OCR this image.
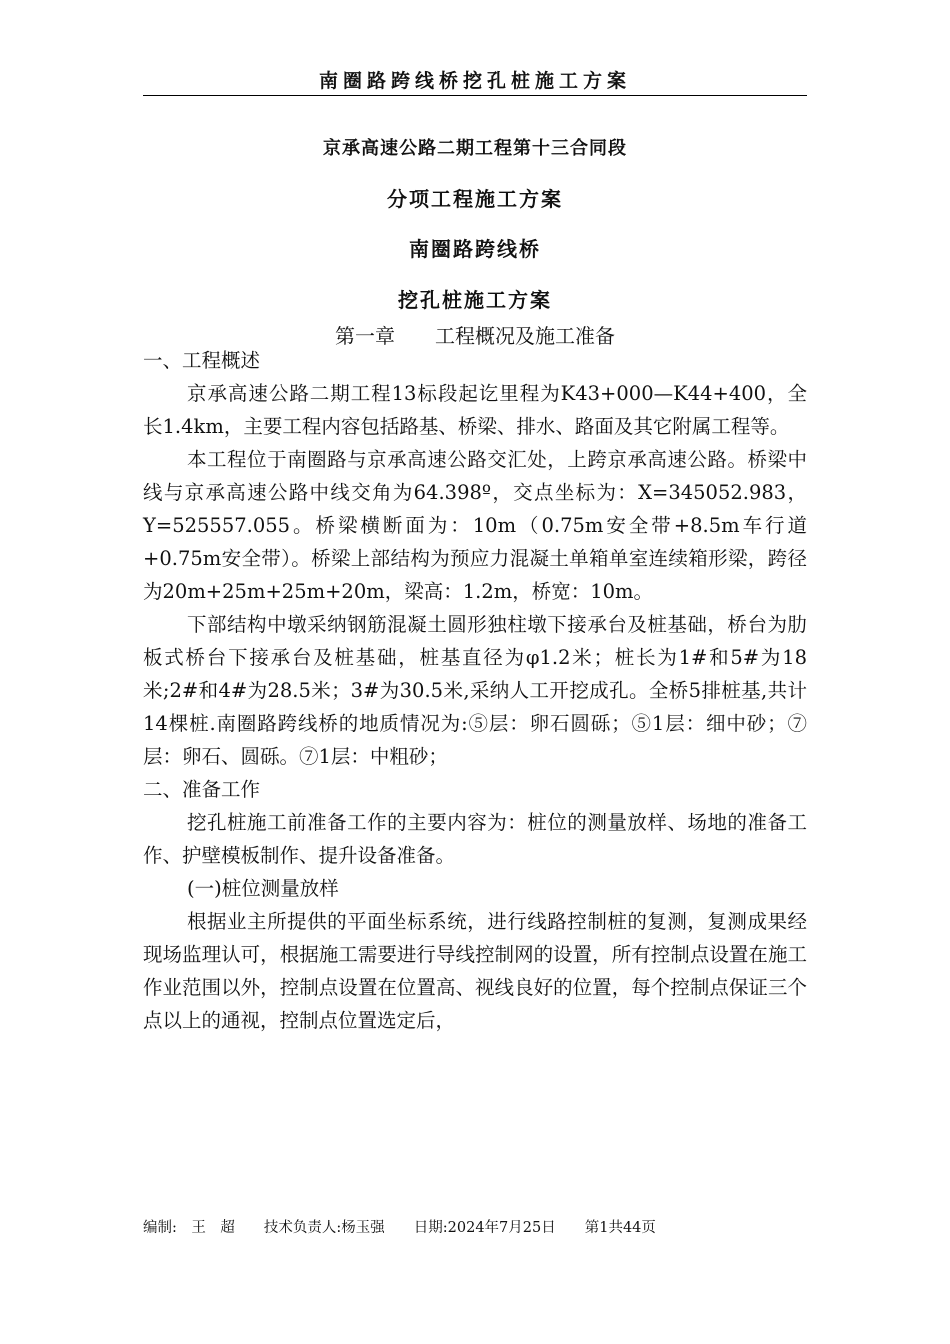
南圈路跨线桥挖孔桩施工方案
京承高速公路二期工程第十三合同段
分项工程施工方案
南圈路跨线桥
挖孔桩施工方案
第一章　　工程概况及施工准备

一、工程概述

京承高速公路二期工程13标段起讫里程为K43+000—K44+400，全长1.4km，主要工程内容包括路基、桥梁、排水、路面及其它附属工程等。

本工程位于南圈路与京承高速公路交汇处，上跨京承高速公路。桥梁中线与京承高速公路中线交角为64.398º，交点坐标为：X=345052.983，Y=525557.055。桥梁横断面为：10m（0.75m安全带+8.5m车行道+0.75m安全带）。桥梁上部结构为预应力混凝土单箱单室连续箱形梁，跨径为20m+25m+25m+20m，梁高：1.2m，桥宽：10m。

下部结构中墩采纳钢筋混凝土圆形独柱墩下接承台及桩基础，桥台为肋板式桥台下接承台及桩基础，桩基直径为φ1.2米；桩长为1#和5#为18米;2#和4#为28.5米；3#为30.5米,采纳人工开挖成孔。全桥5排桩基,共计14棵桩.南圈路跨线桥的地质情况为:⑤层：卵石圆砾；⑤1层：细中砂；⑦层：卵石、圆砾。⑦1层：中粗砂；

二、准备工作

挖孔桩施工前准备工作的主要内容为：桩位的测量放样、场地的准备工作、护壁模板制作、提升设备准备。

(一)桩位测量放样

根据业主所提供的平面坐标系统，进行线路控制桩的复测，复测成果经现场监理认可，根据施工需要进行导线控制网的设置，所有控制点设置在施工作业范围以外，控制点设置在位置高、视线良好的位置，每个控制点保证三个点以上的通视，控制点位置选定后，

编制:　王　超　　技术负责人:杨玉强　　日期:2024年7月25日　　第1共44页
